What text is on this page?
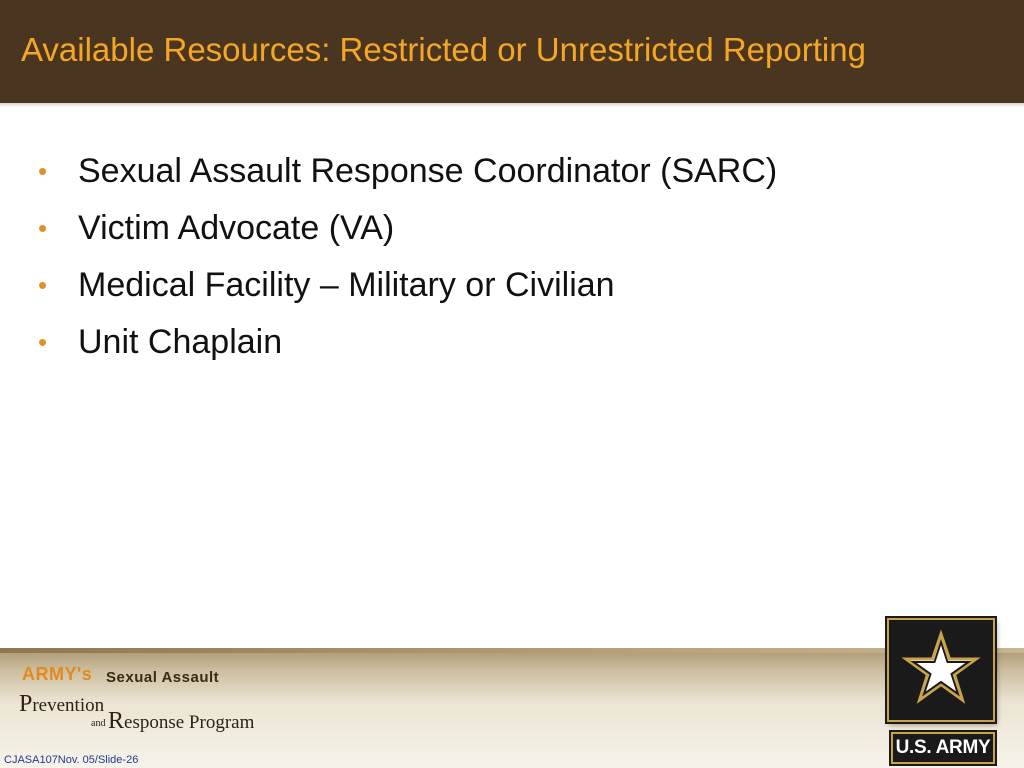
Available Resources: Restricted or Unrestricted Reporting
• Sexual Assault Response Coordinator (SARC)
• Victim Advocate (VA)
• Medical Facility – Military or Civilian
• Unit Chaplain
ARMY's Sexual Assault
Prevention
and Response Program
CJASA107Nov. 05/Slide-26
U.S. ARMY
